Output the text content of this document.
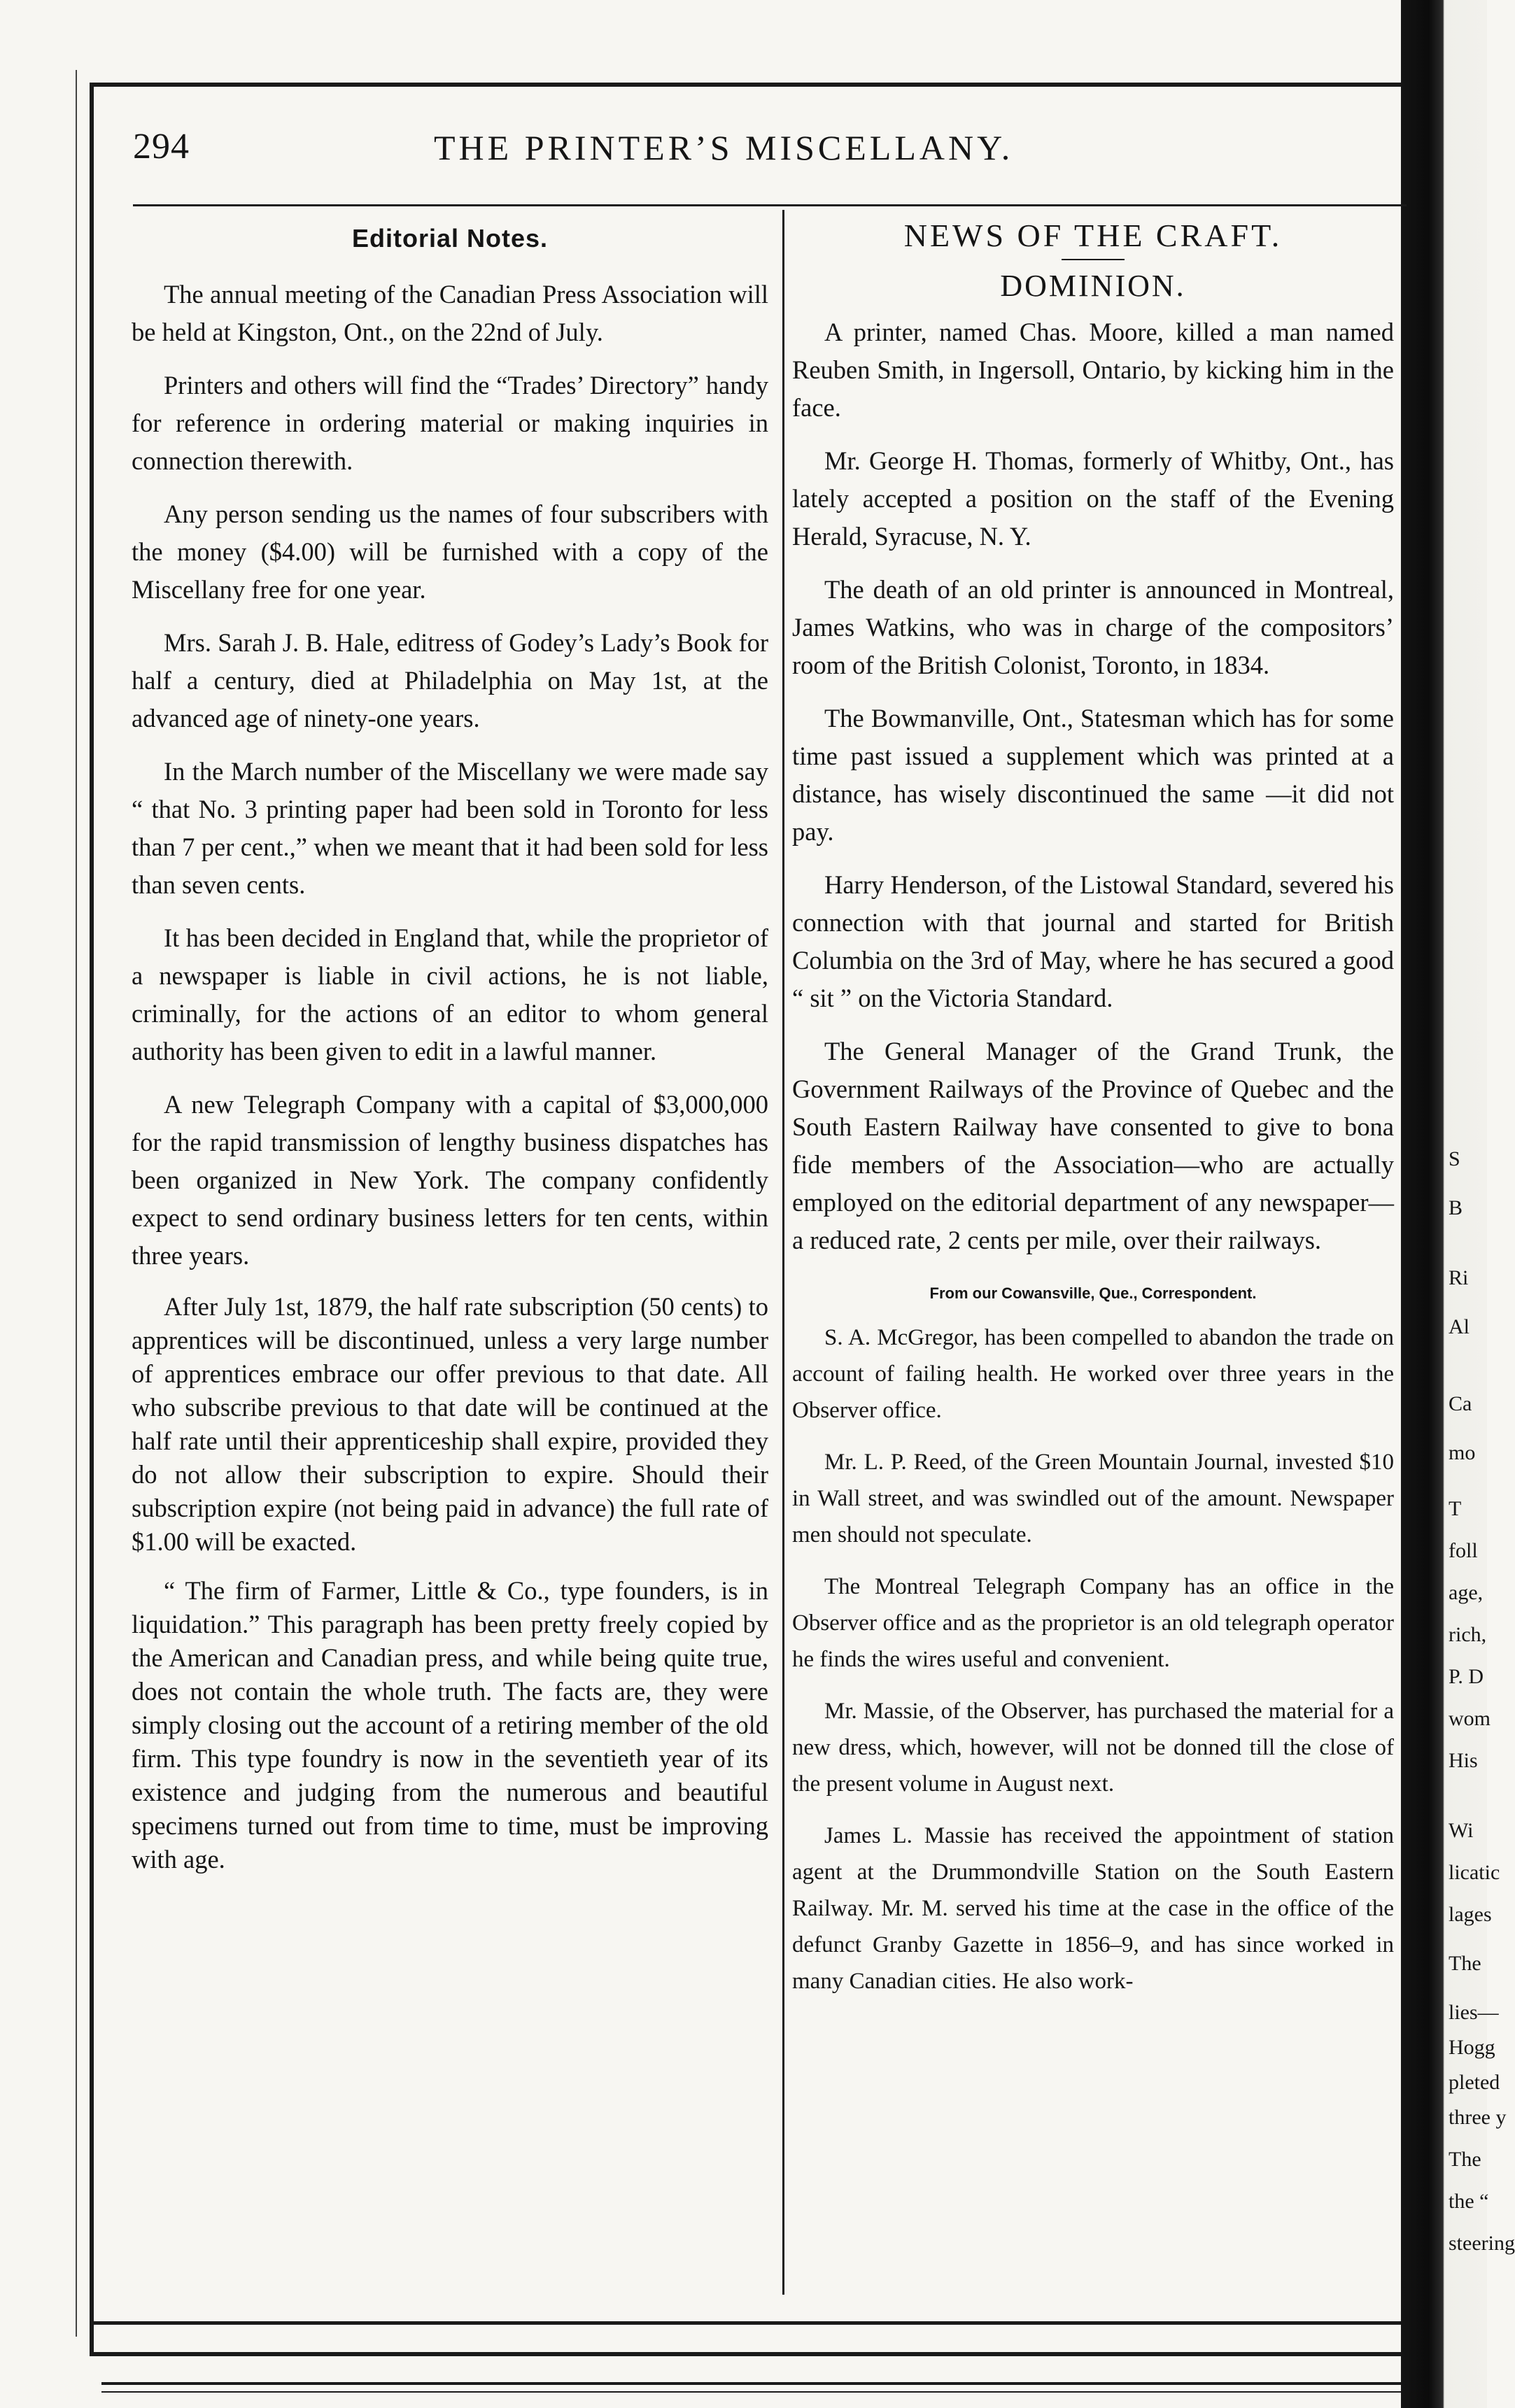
S
B
Ri
Al
Ca
mo
T
foll
age,
rich,
P. D
wom
His
Wi
licatic
lages
The
lies—
Hogg
pleted
three y
The
the “
steering
294	THE PRINTER’S MISCELLANY.
Editorial Notes.

The annual meeting of the Canadian Press Association will be held at Kingston, Ont., on the 22nd of July.

Printers and others will find the “Trades’ Directory” handy for reference in ordering material or making inquiries in connection therewith.

Any person sending us the names of four subscribers with the money ($4.00) will be furnished with a copy of the Miscellany free for one year.

Mrs. Sarah J. B. Hale, editress of Godey’s Lady’s Book for half a century, died at Philadelphia on May 1st, at the advanced age of ninety-one years.

In the March number of the Miscellany we were made say “ that No. 3 printing paper had been sold in Toronto for less than 7 per cent.,” when we meant that it had been sold for less than seven cents.

It has been decided in England that, while the proprietor of a newspaper is liable in civil actions, he is not liable, criminally, for the actions of an editor to whom general authority has been given to edit in a lawful manner.

A new Telegraph Company with a capital of $3,000,000 for the rapid transmission of lengthy business dispatches has been organized in New York. The company confidently expect to send ordinary business letters for ten cents, within three years.

After July 1st, 1879, the half rate subscription (50 cents) to apprentices will be discontinued, unless a very large number of apprentices embrace our offer previous to that date. All who subscribe previous to that date will be continued at the half rate until their apprenticeship shall expire, provided they do not allow their subscription to expire. Should their subscription expire (not being paid in advance) the full rate of $1.00 will be exacted.

“ The firm of Farmer, Little & Co., type founders, is in liquidation.” This paragraph has been pretty freely copied by the American and Canadian press, and while being quite true, does not contain the whole truth. The facts are, they were simply closing out the account of a retiring member of the old firm. This type foundry is now in the seventieth year of its existence and judging from the numerous and beautiful specimens turned out from time to time, must be improving with age.

NEWS OF THE CRAFT.
DOMINION.

A printer, named Chas. Moore, killed a man named Reuben Smith, in Ingersoll, Ontario, by kicking him in the face.

Mr. George H. Thomas, formerly of Whitby, Ont., has lately accepted a position on the staff of the Evening Herald, Syracuse, N. Y.

The death of an old printer is announced in Montreal, James Watkins, who was in charge of the compositors’ room of the British Colonist, Toronto, in 1834.

The Bowmanville, Ont., Statesman which has for some time past issued a supplement which was printed at a distance, has wisely discontinued the same —it did not pay.

Harry Henderson, of the Listowal Standard, severed his connection with that journal and started for British Columbia on the 3rd of May, where he has secured a good “ sit ” on the Victoria Standard.

The General Manager of the Grand Trunk, the Government Railways of the Province of Quebec and the South Eastern Railway have consented to give to bona fide members of the Association—who are actually employed on the editorial department of any newspaper—a reduced rate, 2 cents per mile, over their railways.

From our Cowansville, Que., Correspondent.

S. A. McGregor, has been compelled to abandon the trade on account of failing health. He worked over three years in the Observer office.

Mr. L. P. Reed, of the Green Mountain Journal, invested $10 in Wall street, and was swindled out of the amount. Newspaper men should not speculate.

The Montreal Telegraph Company has an office in the Observer office and as the proprietor is an old telegraph operator he finds the wires useful and convenient.

Mr. Massie, of the Observer, has purchased the material for a new dress, which, however, will not be donned till the close of the present volume in August next.

James L. Massie has received the appointment of station agent at the Drummondville Station on the South Eastern Railway. Mr. M. served his time at the case in the office of the defunct Granby Gazette in 1856–9, and has since worked in many Canadian cities. He also work-
